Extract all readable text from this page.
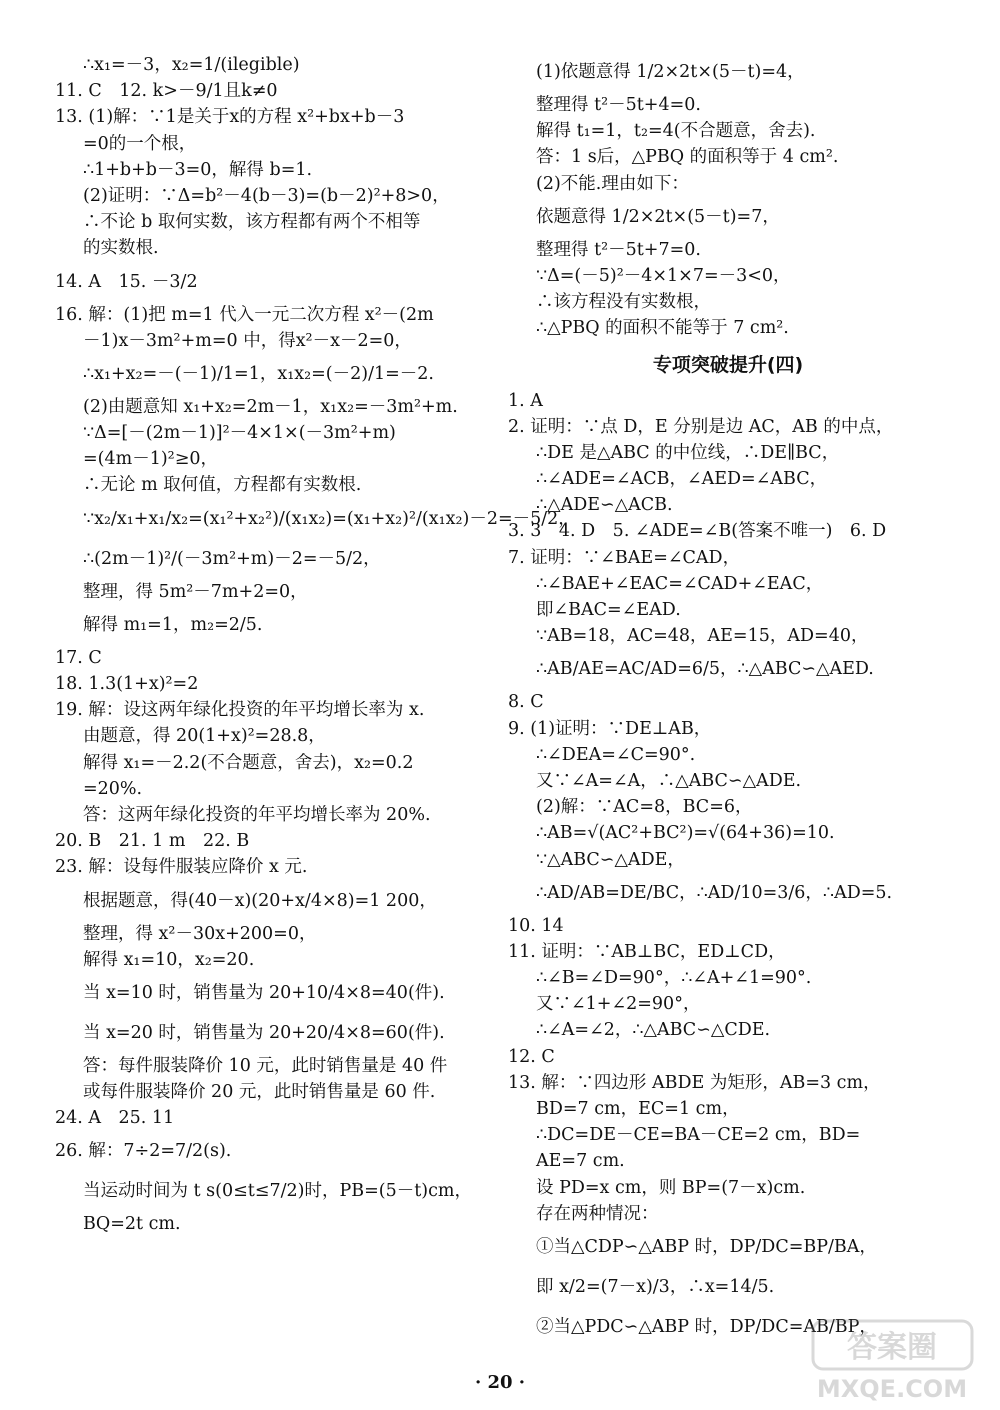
∴x₁=－3，x₂=1/(ilegible)
11. C　12. k>－9/1且k≠0
13. (1)解：∵1是关于x的方程 x²+bx+b－3
=0的一个根，
∴1+b+b－3=0，解得 b=1.
(2)证明：∵Δ=b²－4(b－3)=(b－2)²+8>0，
∴不论 b 取何实数，该方程都有两个不相等
的实数根.
14. A　15. －3/2
16. 解：(1)把 m=1 代入一元二次方程 x²－(2m
－1)x－3m²+m=0 中，得x²－x－2=0，
∴x₁+x₂=－(－1)/1=1，x₁x₂=(－2)/1=－2.
(2)由题意知 x₁+x₂=2m－1，x₁x₂=－3m²+m.
∵Δ=[－(2m－1)]²－4×1×(－3m²+m)
=(4m－1)²≥0，
∴无论 m 取何值，方程都有实数根.
∵x₂/x₁+x₁/x₂=(x₁²+x₂²)/(x₁x₂)=(x₁+x₂)²/(x₁x₂)－2=－5/2，
∴(2m－1)²/(－3m²+m)－2=－5/2，
整理，得 5m²－7m+2=0，
解得 m₁=1，m₂=2/5.
17. C
18. 1.3(1+x)²=2
19. 解：设这两年绿化投资的年平均增长率为 x.
由题意，得 20(1+x)²=28.8，
解得 x₁=－2.2(不合题意，舍去)，x₂=0.2
=20%.
答：这两年绿化投资的年平均增长率为 20%.
20. B　21. 1 m　22. B
23. 解：设每件服装应降价 x 元.
根据题意，得(40－x)(20+x/4×8)=1 200，
整理，得 x²－30x+200=0，
解得 x₁=10，x₂=20.
当 x=10 时，销售量为 20+10/4×8=40(件).
当 x=20 时，销售量为 20+20/4×8=60(件).
答：每件服装降价 10 元，此时销售量是 40 件
或每件服装降价 20 元，此时销售量是 60 件.
24. A　25. 11
26. 解：7÷2=7/2(s).
当运动时间为 t s(0≤t≤7/2)时，PB=(5－t)cm，
BQ=2t cm.
(1)依题意得 1/2×2t×(5－t)=4，
整理得 t²－5t+4=0.
解得 t₁=1，t₂=4(不合题意，舍去).
答：1 s后，△PBQ 的面积等于 4 cm².
(2)不能.理由如下：
依题意得 1/2×2t×(5－t)=7，
整理得 t²－5t+7=0.
∵Δ=(－5)²－4×1×7=－3<0，
∴该方程没有实数根，
∴△PBQ 的面积不能等于 7 cm².
专项突破提升(四)
1. A
2. 证明：∵点 D，E 分别是边 AC，AB 的中点，
∴DE 是△ABC 的中位线，∴DE∥BC，
∴∠ADE=∠ACB，∠AED=∠ABC，
∴△ADE∽△ACB.
3. 3　4. D　5. ∠ADE=∠B(答案不唯一)　6. D
7. 证明：∵∠BAE=∠CAD，
∴∠BAE+∠EAC=∠CAD+∠EAC，
即∠BAC=∠EAD.
∵AB=18，AC=48，AE=15，AD=40，
∴AB/AE=AC/AD=6/5，∴△ABC∽△AED.
8. C
9. (1)证明：∵DE⊥AB，
∴∠DEA=∠C=90°.
又∵∠A=∠A，∴△ABC∽△ADE.
(2)解：∵AC=8，BC=6，
∴AB=√(AC²+BC²)=√(64+36)=10.
∵△ABC∽△ADE，
∴AD/AB=DE/BC，∴AD/10=3/6，∴AD=5.
10. 14
11. 证明：∵AB⊥BC，ED⊥CD，
∴∠B=∠D=90°，∴∠A+∠1=90°.
又∵∠1+∠2=90°，
∴∠A=∠2，∴△ABC∽△CDE.
12. C
13. 解：∵四边形 ABDE 为矩形，AB=3 cm，
BD=7 cm，EC=1 cm，
∴DC=DE－CE=BA－CE=2 cm，BD=
AE=7 cm.
设 PD=x cm，则 BP=(7－x)cm.
存在两种情况：
①当△CDP∽△ABP 时，DP/DC=BP/BA，
即 x/2=(7－x)/3，∴x=14/5.
②当△PDC∽△ABP 时，DP/DC=AB/BP，
· 20 ·
答案圈
MXQE.COM
